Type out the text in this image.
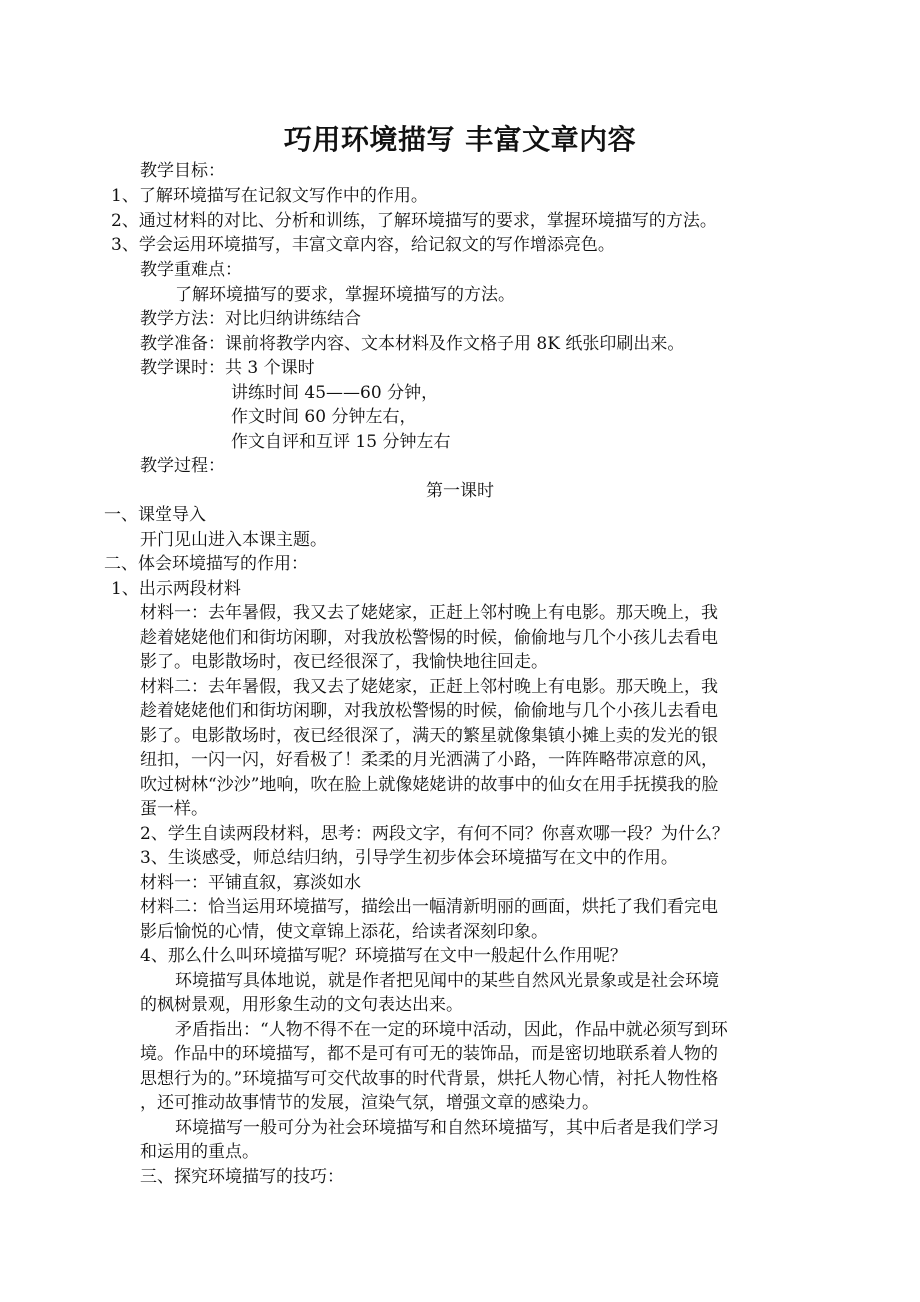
巧用环境描写 丰富文章内容
教学目标：
1、了解环境描写在记叙文写作中的作用。
2、通过材料的对比、分析和训练，了解环境描写的要求，掌握环境描写的方法。
3、学会运用环境描写，丰富文章内容，给记叙文的写作增添亮色。
教学重难点：
了解环境描写的要求，掌握环境描写的方法。
教学方法：对比归纳讲练结合
教学准备：课前将教学内容、文本材料及作文格子用 8K 纸张印刷出来。
教学课时：共 3 个课时
讲练时间 45——60 分钟，
作文时间 60 分钟左右，
作文自评和互评 15 分钟左右
教学过程：
第一课时
一、课堂导入
开门见山进入本课主题。
二、体会环境描写的作用：
1、出示两段材料
材料一：去年暑假，我又去了姥姥家，正赶上邻村晚上有电影。那天晚上，我
趁着姥姥他们和街坊闲聊，对我放松警惕的时候，偷偷地与几个小孩儿去看电
影了。电影散场时，夜已经很深了，我愉快地往回走。
材料二：去年暑假，我又去了姥姥家，正赶上邻村晚上有电影。那天晚上，我
趁着姥姥他们和街坊闲聊，对我放松警惕的时候，偷偷地与几个小孩儿去看电
影了。电影散场时，夜已经很深了，满天的繁星就像集镇小摊上卖的发光的银
纽扣，一闪一闪，好看极了！柔柔的月光洒满了小路，一阵阵略带凉意的风，
吹过树林“沙沙”地响，吹在脸上就像姥姥讲的故事中的仙女在用手抚摸我的脸
蛋一样。
2、学生自读两段材料，思考：两段文字，有何不同？你喜欢哪一段？为什么？
3、生谈感受，师总结归纳，引导学生初步体会环境描写在文中的作用。
材料一：平铺直叙，寡淡如水
材料二：恰当运用环境描写，描绘出一幅清新明丽的画面，烘托了我们看完电
影后愉悦的心情，使文章锦上添花，给读者深刻印象。
4、那么什么叫环境描写呢？环境描写在文中一般起什么作用呢？
环境描写具体地说，就是作者把见闻中的某些自然风光景象或是社会环境
的枫树景观，用形象生动的文句表达出来。
矛盾指出：“人物不得不在一定的环境中活动，因此，作品中就必须写到环
境。作品中的环境描写，都不是可有可无的装饰品，而是密切地联系着人物的
思想行为的。”环境描写可交代故事的时代背景，烘托人物心情，衬托人物性格
，还可推动故事情节的发展，渲染气氛，增强文章的感染力。
环境描写一般可分为社会环境描写和自然环境描写，其中后者是我们学习
和运用的重点。
三、探究环境描写的技巧：
